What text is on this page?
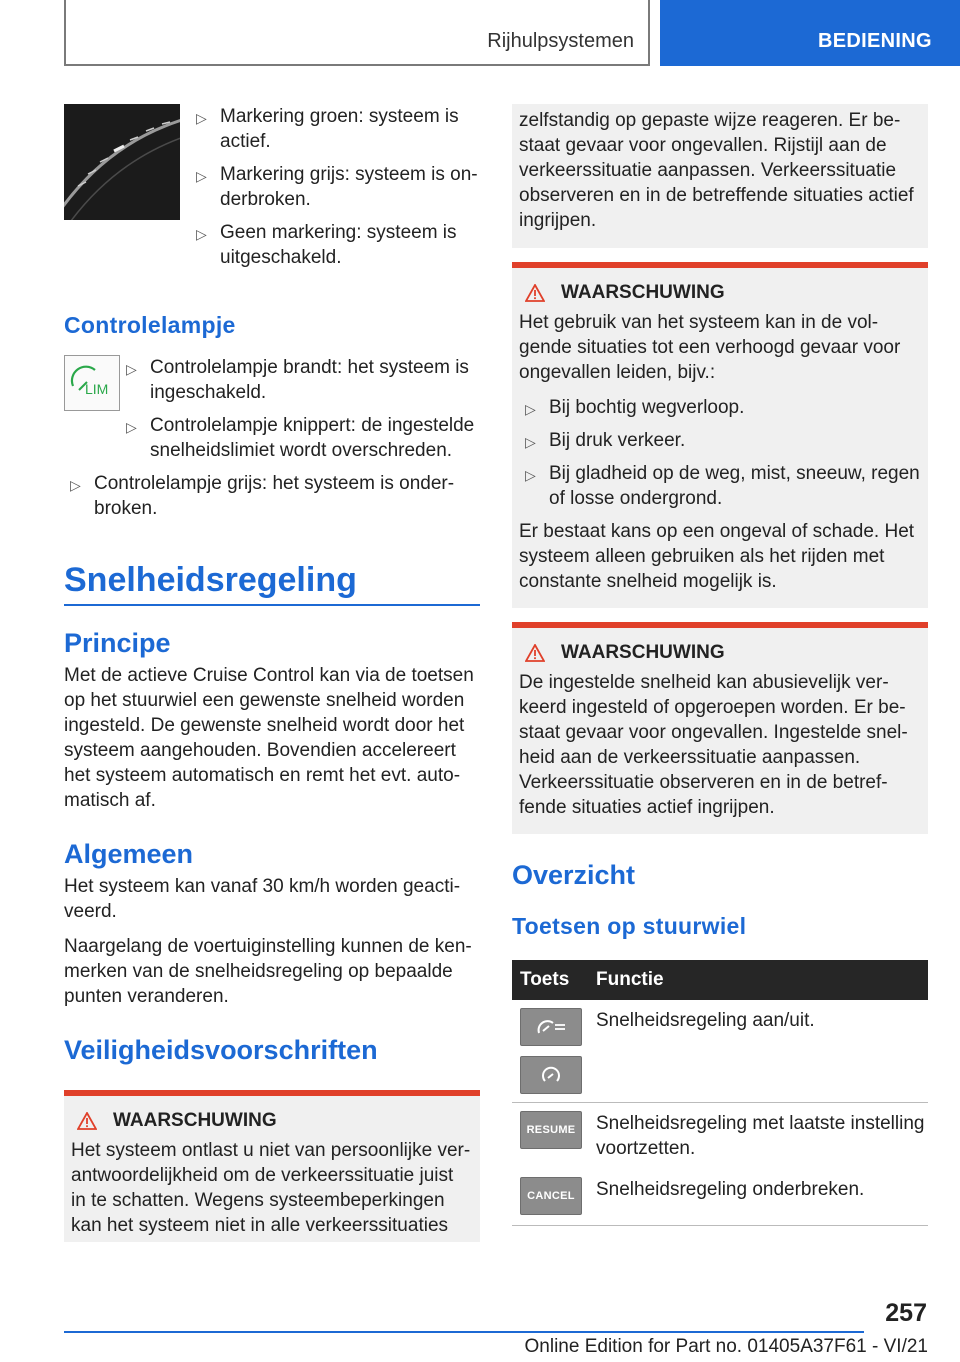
Rijhulpsystemen	BEDIENING
▷ Markering groen: systeem is actief.
▷ Markering grijs: systeem is onderbroken.
▷ Geen markering: systeem is uitgeschakeld.
Controlelampje
LIM
▷ Controlelampje brandt: het systeem is ingeschakeld.
▷ Controlelampje knippert: de ingestelde snelheidslimiet wordt overschreden.
▷ Controlelampje grijs: het systeem is onderbroken.
Snelheidsregeling
Principe

Met de actieve Cruise Control kan via de toetsen op het stuurwiel een gewenste snelheid worden ingesteld. De gewenste snelheid wordt door het systeem aangehouden. Bovendien accelereert het systeem automatisch en remt het evt. automatisch af.

Algemeen

Het systeem kan vanaf 30 km/h worden geactiveerd.

Naargelang de voertuiginstelling kunnen de kenmerken van de snelheidsregeling op bepaalde punten veranderen.

Veiligheidsvoorschriften
WAARSCHUWING

Het systeem ontlast u niet van persoonlijke verantwoordelijkheid om de verkeerssituatie juist in te schatten. Wegens systeembeperkingen kan het systeem niet in alle verkeerssituaties

zelfstandig op gepaste wijze reageren. Er bestaat gevaar voor ongevallen. Rijstijl aan de verkeerssituatie aanpassen. Verkeerssituatie observeren en in de betreffende situaties actief ingrijpen.

WAARSCHUWING

Het gebruik van het systeem kan in de volgende situaties tot een verhoogd gevaar voor ongevallen leiden, bijv.:

▷ Bij bochtig wegverloop.
▷ Bij druk verkeer.
▷ Bij gladheid op de weg, mist, sneeuw, regen of losse ondergrond.

Er bestaat kans op een ongeval of schade. Het systeem alleen gebruiken als het rijden met constante snelheid mogelijk is.

WAARSCHUWING

De ingestelde snelheid kan abusievelijk verkeerd ingesteld of opgeroepen worden. Er bestaat gevaar voor ongevallen. Ingestelde snelheid aan de verkeerssituatie aanpassen. Verkeerssituatie observeren en in de betreffende situaties actief ingrijpen.

Overzicht
Toetsen op stuurwiel
Toets	Functie

	Snelheidsregeling aan/uit.

RESUME	Snelheidsregeling met laatste instelling voortzetten.

CANCEL	Snelheidsregeling onderbreken.
257
Online Edition for Part no. 01405A37F61 - VI/21
